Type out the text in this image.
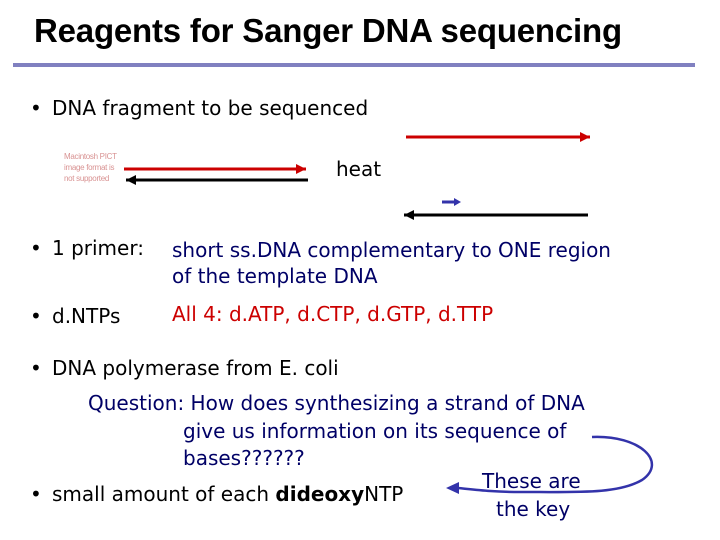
Reagents for Sanger DNA sequencing
• DNA fragment to be sequenced
Macintosh PICT image format is not supported	heat
• 1 primer: short ss.DNA complementary to ONE region
of the template DNA
• d.NTPs	All 4: d.ATP, d.CTP, d.GTP, d.TTP
• DNA polymerase from E. coli
Question: How does synthesizing a strand of DNA
give us information on its sequence of
bases??????
• small amount of each dideoxyNTP
These are
the key
